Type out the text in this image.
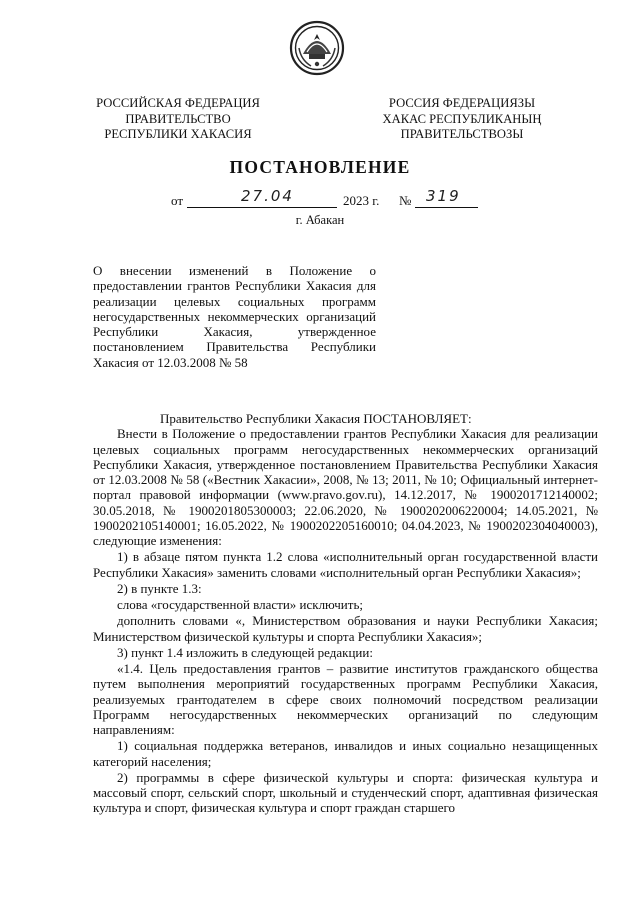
РОССИЙСКАЯ ФЕДЕРАЦИЯ
ПРАВИТЕЛЬСТВО
РЕСПУБЛИКИ ХАКАСИЯ
РОССИЯ ФЕДЕРАЦИЯЗЫ
ХАКАС РЕСПУБЛИКАНЫҢ
ПРАВИТЕЛЬСТВОЗЫ
ПОСТАНОВЛЕНИЕ
от	27.04	2023 г. № 319
г. Абакан

О внесении изменений в Положение о предоставлении грантов Республики Хакасия для реализации целевых социальных программ негосударственных некоммерческих организаций Республики Хакасия, утвержденное постановлением Правительства Республики Хакасия от 12.03.2008 № 58

Правительство Республики Хакасия ПОСТАНОВЛЯЕТ:

Внести в Положение о предоставлении грантов Республики Хакасия для реализации целевых социальных программ негосударственных некоммерческих организаций Республики Хакасия, утвержденное постановлением Правительства Республики Хакасия от 12.03.2008 № 58 («Вестник Хакасии», 2008, № 13; 2011, № 10; Официальный интернет-портал правовой информации (www.pravo.gov.ru), 14.12.2017, № 1900201712140002; 30.05.2018, № 1900201805300003; 22.06.2020, № 1900202006220004; 14.05.2021, № 1900202105140001; 16.05.2022, № 1900202205160010; 04.04.2023, № 1900202304040003), следующие изменения:

1) в абзаце пятом пункта 1.2 слова «исполнительный орган государственной власти Республики Хакасия» заменить словами «исполнительный орган Республики Хакасия»;

2) в пункте 1.3:

слова «государственной власти» исключить;

дополнить словами «, Министерством образования и науки Республики Хакасия; Министерством физической культуры и спорта Республики Хакасия»;

3) пункт 1.4 изложить в следующей редакции:

«1.4. Цель предоставления грантов – развитие институтов гражданского общества путем выполнения мероприятий государственных программ Республики Хакасия, реализуемых грантодателем в сфере своих полномочий посредством реализации Программ негосударственных некоммерческих организаций по следующим направлениям:

1) социальная поддержка ветеранов, инвалидов и иных социально незащищенных категорий населения;

2) программы в сфере физической культуры и спорта: физическая культура и массовый спорт, сельский спорт, школьный и студенческий спорт, адаптивная физическая культура и спорт, физическая культура и спорт граждан старшего
